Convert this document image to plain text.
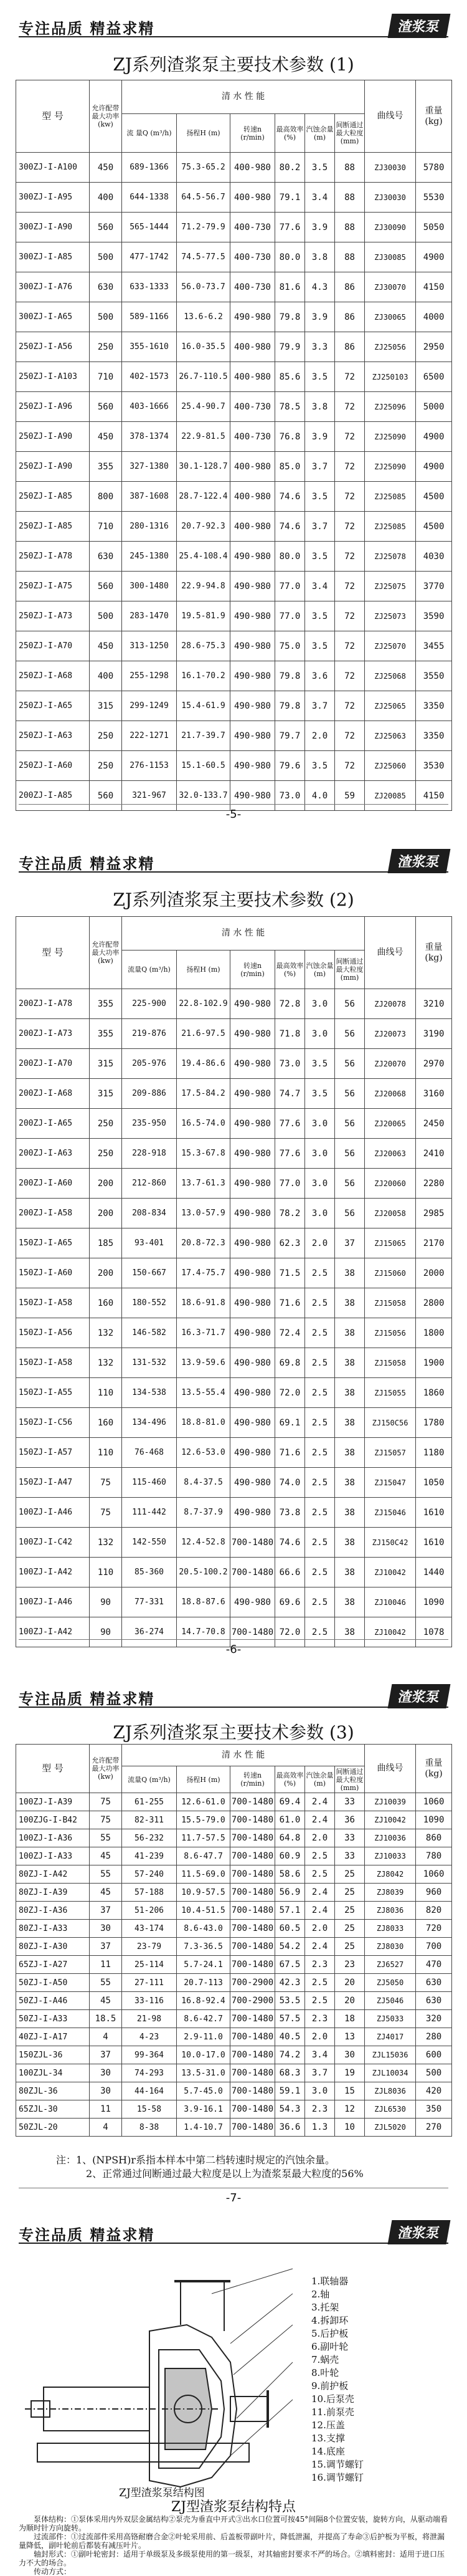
专注品质 精益求精	渣浆泵
ZJ系列渣浆泵主要技术参数 (1)
型 号	允许配带最大功率(kw)	清 水 性 能						曲线号	重量 (kg)
		流 量Q (m³/h)	扬程H (m)	转速n (r/min)	最高效率 (%)	汽蚀余量 (m)	间断通过最大粒度 (mm)		
300ZJ-I-A100	450	689-1366	75.3-65.2	400-980	80.2	3.5	88	ZJ30030	5780
300ZJ-I-A95	400	644-1338	64.5-56.7	400-980	79.1	3.4	88	ZJ30030	5530
300ZJ-I-A90	560	565-1444	71.2-79.9	400-730	77.6	3.9	88	ZJ30090	5050
300ZJ-I-A85	500	477-1742	74.5-77.5	400-730	80.0	3.8	88	ZJ30085	4900
300ZJ-I-A76	630	633-1333	56.0-73.7	400-730	81.6	4.3	86	ZJ30070	4150
300ZJ-I-A65	500	589-1166	13.6-6.2	490-980	79.8	3.9	86	ZJ30065	4000
250ZJ-I-A56	250	355-1610	16.0-35.5	400-980	79.9	3.3	86	ZJ25056	2950
250ZJ-I-A103	710	402-1573	26.7-110.5	400-980	85.6	3.5	72	ZJ250103	6500
250ZJ-I-A96	560	403-1666	25.4-90.7	400-730	78.5	3.8	72	ZJ25096	5000
250ZJ-I-A90	450	378-1374	22.9-81.5	400-730	76.8	3.9	72	ZJ25090	4900
250ZJ-I-A90	355	327-1380	30.1-128.7	400-980	85.0	3.7	72	ZJ25090	4900
250ZJ-I-A85	800	387-1608	28.7-122.4	400-980	74.6	3.5	72	ZJ25085	4500
250ZJ-I-A85	710	280-1316	20.7-92.3	400-980	74.6	3.7	72	ZJ25085	4500
250ZJ-I-A78	630	245-1380	25.4-108.4	490-980	80.0	3.5	72	ZJ25078	4030
250ZJ-I-A75	560	300-1480	22.9-94.8	490-980	77.0	3.4	72	ZJ25075	3770
250ZJ-I-A73	500	283-1470	19.5-81.9	490-980	77.0	3.5	72	ZJ25073	3590
250ZJ-I-A70	450	313-1250	28.6-75.3	490-980	75.0	3.5	72	ZJ25070	3455
250ZJ-I-A68	400	255-1298	16.1-70.2	490-980	79.8	3.6	72	ZJ25068	3550
250ZJ-I-A65	315	299-1249	15.4-61.9	490-980	79.8	3.7	72	ZJ25065	3350
250ZJ-I-A63	250	222-1271	21.7-39.7	490-980	79.7	2.0	72	ZJ25063	3350
250ZJ-I-A60	250	276-1153	15.1-60.5	490-980	79.6	3.5	72	ZJ25060	3530
200ZJ-I-A85	560	321-967	32.0-133.7	490-980	73.0	4.0	59	ZJ20085	4150
-5-
专注品质 精益求精	渣浆泵
ZJ系列渣浆泵主要技术参数 (2)
型 号	允许配带最大功率(kw)	清 水 性 能						曲线号	重量 (kg)
		流量Q (m³/h)	扬程H (m)	转速n (r/min)	最高效率 (%)	汽蚀余量 (m)	间断通过最大粒度 (mm)		
200ZJ-I-A78	355	225-900	22.8-102.9	490-980	72.8	3.0	56	ZJ20078	3210
200ZJ-I-A73	355	219-876	21.6-97.5	490-980	71.8	3.0	56	ZJ20073	3190
200ZJ-I-A70	315	205-976	19.4-86.6	490-980	73.0	3.5	56	ZJ20070	2970
200ZJ-I-A68	315	209-886	17.5-84.2	490-980	74.7	3.5	56	ZJ20068	3160
200ZJ-I-A65	250	235-950	16.5-74.0	490-980	77.6	3.0	56	ZJ20065	2450
200ZJ-I-A63	250	228-918	15.3-67.8	490-980	77.6	3.0	56	ZJ20063	2410
200ZJ-I-A60	200	212-860	13.7-61.3	490-980	77.0	3.0	56	ZJ20060	2280
200ZJ-I-A58	200	208-834	13.0-57.9	490-980	78.2	3.0	56	ZJ20058	2985
150ZJ-I-A65	185	93-401	20.8-72.3	490-980	62.3	2.0	37	ZJ15065	2170
150ZJ-I-A60	200	150-667	17.4-75.7	490-980	71.5	2.5	38	ZJ15060	2000
150ZJ-I-A58	160	180-552	18.6-91.8	490-980	71.6	2.5	38	ZJ15058	2800
150ZJ-I-A56	132	146-582	16.3-71.7	490-980	72.4	2.5	38	ZJ15056	1800
150ZJ-I-A58	132	131-532	13.9-59.6	490-980	69.8	2.5	38	ZJ15058	1900
150ZJ-I-A55	110	134-538	13.5-55.4	490-980	72.0	2.5	38	ZJ15055	1860
150ZJ-I-C56	160	134-496	18.8-81.0	490-980	69.1	2.5	38	ZJ150C56	1780
150ZJ-I-A57	110	76-468	12.6-53.0	490-980	71.6	2.5	38	ZJ15057	1180
150ZJ-I-A47	75	115-460	8.4-37.5	490-980	74.0	2.5	38	ZJ15047	1050
100ZJ-I-A46	75	111-442	8.7-37.9	490-980	73.8	2.5	38	ZJ15046	1610
100ZJ-I-C42	132	142-550	12.4-52.8	700-1480	74.6	2.5	38	ZJ150C42	1610
100ZJ-I-A42	110	85-360	20.5-100.2	700-1480	66.6	2.5	38	ZJ10042	1440
100ZJ-I-A46	90	77-331	18.8-87.6	490-980	69.6	2.5	38	ZJ10046	1090
100ZJ-I-A42	90	36-274	14.7-70.8	700-1480	72.0	2.5	38	ZJ10042	1078
-6-
专注品质 精益求精	渣浆泵
ZJ系列渣浆泵主要技术参数 (3)
型 号	允许配带最大功率(kw)	清 水 性 能						曲线号	重量 (kg)
		流量Q (m³/h)	扬程H (m)	转速n (r/min)	最高效率 (%)	汽蚀余量 (m)	间断通过最大粒度 (mm)		
100ZJ-I-A39	75	61-255	12.6-61.0	700-1480	69.4	2.4	33	ZJ10039	1060
100ZJG-I-B42	75	82-311	15.5-79.0	700-1480	61.0	2.4	36	ZJ10042	1090
100ZJ-I-A36	55	56-232	11.7-57.5	700-1480	64.8	2.0	33	ZJ10036	860
100ZJ-I-A33	45	41-239	8.6-47.7	700-1480	60.9	2.5	33	ZJ10033	780
80ZJ-I-A42	55	57-240	11.5-69.0	700-1480	58.6	2.5	25	ZJ8042	1060
80ZJ-I-A39	45	57-188	10.9-57.5	700-1480	56.9	2.4	25	ZJ8039	960
80ZJ-I-A36	37	51-206	10.4-51.5	700-1480	57.1	2.4	25	ZJ8036	820
80ZJ-I-A33	30	43-174	8.6-43.0	700-1480	60.5	2.0	25	ZJ8033	720
80ZJ-I-A30	37	23-79	7.3-36.5	700-1480	54.2	2.4	25	ZJ8030	700
65ZJ-I-A27	11	25-114	5.7-24.1	700-1480	67.5	2.3	23	ZJ6527	470
50ZJ-I-A50	55	27-111	20.7-113	700-2900	42.3	2.5	20	ZJ5050	630
50ZJ-I-A46	45	33-116	16.8-92.4	700-2900	53.5	2.5	20	ZJ5046	630
50ZJ-I-A33	18.5	21-98	8.6-42.7	700-1480	57.5	2.3	18	ZJ5033	320
40ZJ-I-A17	4	4-23	2.9-11.0	700-1480	40.5	2.0	13	ZJ4017	280
150ZJL-36	37	99-364	10.0-17.0	700-1480	74.2	3.4	30	ZJL15036	600
100ZJL-34	30	74-293	13.5-31.0	700-1480	68.3	3.7	19	ZJL10034	500
80ZJL-36	30	44-164	5.7-45.0	700-1480	59.1	3.0	15	ZJL8036	420
65ZJL-30	11	15-58	3.9-16.1	700-1480	54.3	2.3	12	ZJL6530	350
50ZJL-20	4	8-38	1.4-10.7	700-1480	36.6	1.3	10	ZJL5020	270
注：1、(NPSH)r系指本样本中第二档转速时规定的汽蚀余量。
2、正常通过间断通过最大粒度是以上为渣浆泵最大粒度的56%
-7-
专注品质 精益求精	渣浆泵
1.联轴器
2.轴
3.托架
4.拆卸环
5.后护板
6.副叶轮
7.蜗壳
8.叶轮
9.前护板
10.后泵壳
11.前泵壳
12.压盖
13.支撑
14.底座
15.调节螺钉
16.调节螺钉
ZJ型渣浆泵结构图
ZJ型渣浆泵结构特点

泵体结构：①泵体采用内外双层金属结构②泵壳为垂直中开式③出水口位置可按45°间隔8个位置安装，旋转方向，从驱动端看为顺时针方向旋转。

过流部件：①过流部件采用高铬耐磨合金②叶轮采用前、后盖板带副叶片，降低泄漏，并提高了寿命③后护板为平板，将泄漏量降低，副叶轮前后都装有减压叶片。

轴封形式：①副叶轮密封：适用于单级泵及多级泵使用的第一级泵，对其轴密封要求不严的场合。②填料密封：适用于进口压力不大的场合。

传动方式：
